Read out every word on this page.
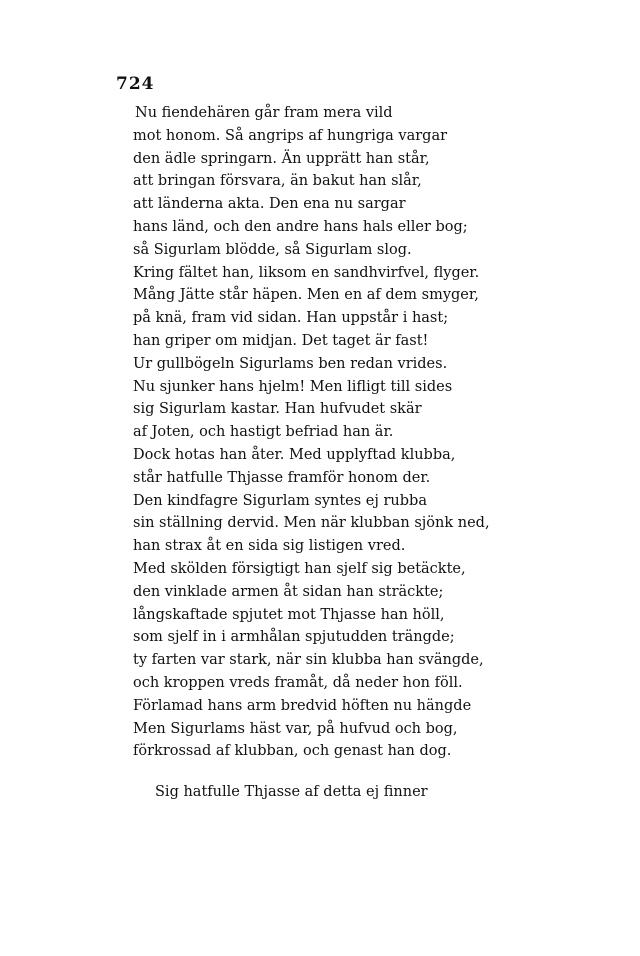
724
Nu fiendehären går fram mera vild
mot honom. Så angrips af hungriga vargar
den ädle springarn. Än upprätt han står,
att bringan försvara, än bakut han slår,
att länderna akta. Den ena nu sargar
hans länd, och den andre hans hals eller bog;
så Sigurlam blödde, så Sigurlam slog.
Kring fältet han, liksom en sandhvirfvel, flyger.
Mång Jätte står häpen. Men en af dem smyger,
på knä, fram vid sidan. Han uppstår i hast;
han griper om midjan. Det taget är fast!
Ur gullbögeln Sigurlams ben redan vrides.
Nu sjunker hans hjelm! Men lifligt till sides
sig Sigurlam kastar. Han hufvudet skär
af Joten, och hastigt befriad han är.
Dock hotas han åter. Med upplyftad klubba,
står hatfulle Thjasse framför honom der.
Den kindfagre Sigurlam syntes ej rubba
sin ställning dervid. Men när klubban sjönk ned,
han strax åt en sida sig listigen vred.
Med skölden försigtigt han sjelf sig betäckte,
den vinklade armen åt sidan han sträckte;
långskaftade spjutet mot Thjasse han höll,
som sjelf in i armhålan spjutudden trängde;
ty farten var stark, när sin klubba han svängde,
och kroppen vreds framåt, då neder hon föll.
Förlamad hans arm bredvid höften nu hängde
Men Sigurlams häst var, på hufvud och bog,
förkrossad af klubban, och genast han dog.
Sig hatfulle Thjasse af detta ej finner
